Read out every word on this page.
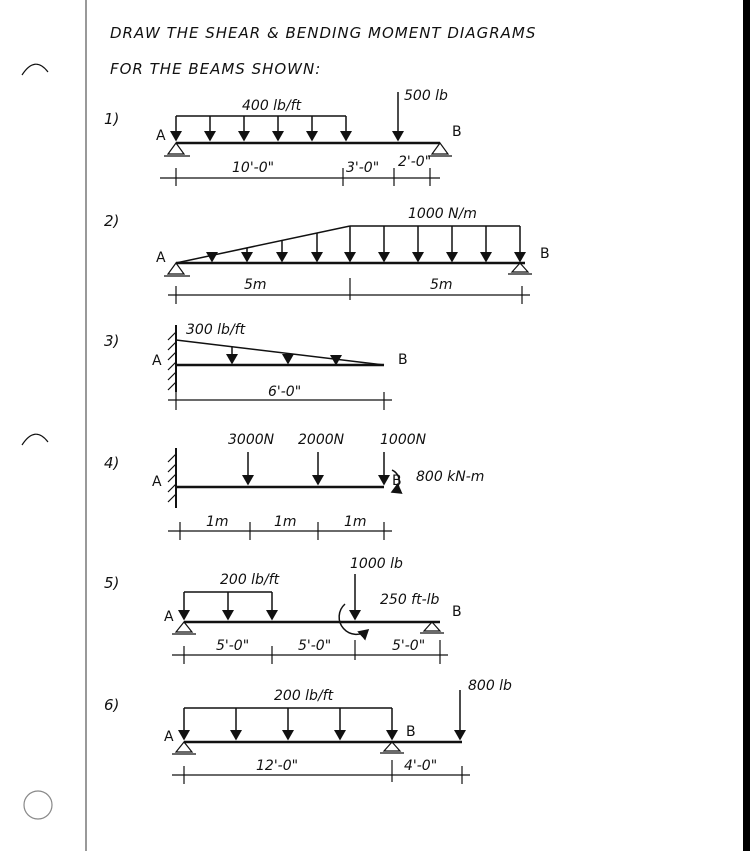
DRAW THE SHEAR & BENDING MOMENT DIAGRAMS
FOR THE BEAMS SHOWN:
1)
400 lb/ft
500 lb
A	B
10'-0"	3'-0" 2'-0"
2)	1000 N/m
A	B
5m	5m
3)
300 lb/ft
A	B
6'-0"
4)
3000N 2000N	1000N
B 800 kN-m
A
1m	1m	1m
5)	200 lb/ft
1000 lb
250 ft-lb
A	B
5'-0"	5'-0"	5'-0"
6)	200 lb/ft
800 lb
A	B
12'-0"	4'-0"
